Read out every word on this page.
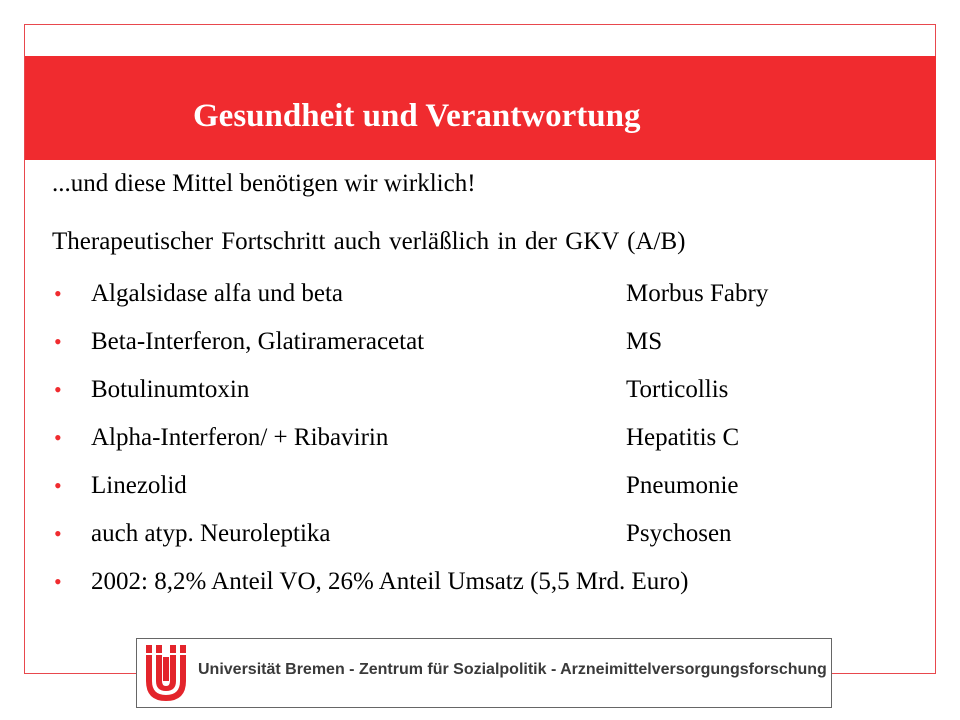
Gesundheit und Verantwortung
...und diese Mittel benötigen wir wirklich!
Therapeutischer Fortschritt auch verläßlich in der GKV (A/B)
• Algalsidase alfa und beta	Morbus Fabry
• Beta-Interferon, Glatirameracetat	MS
• Botulinumtoxin	Torticollis
• Alpha-Interferon/ + Ribavirin	Hepatitis C
• Linezolid	Pneumonie
• auch atyp. Neuroleptika	Psychosen
• 2002: 8,2% Anteil VO, 26% Anteil Umsatz (5,5 Mrd. Euro)
Universität Bremen - Zentrum für Sozialpolitik - Arzneimittelversorgungsforschung
